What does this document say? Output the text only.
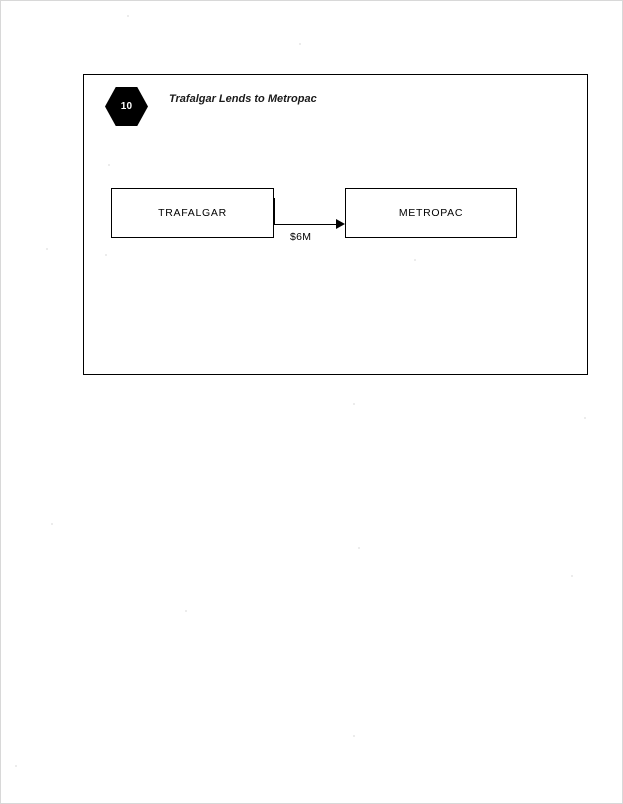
10
Trafalgar Lends to Metropac
TRAFALGAR	METROPAC
$6M
